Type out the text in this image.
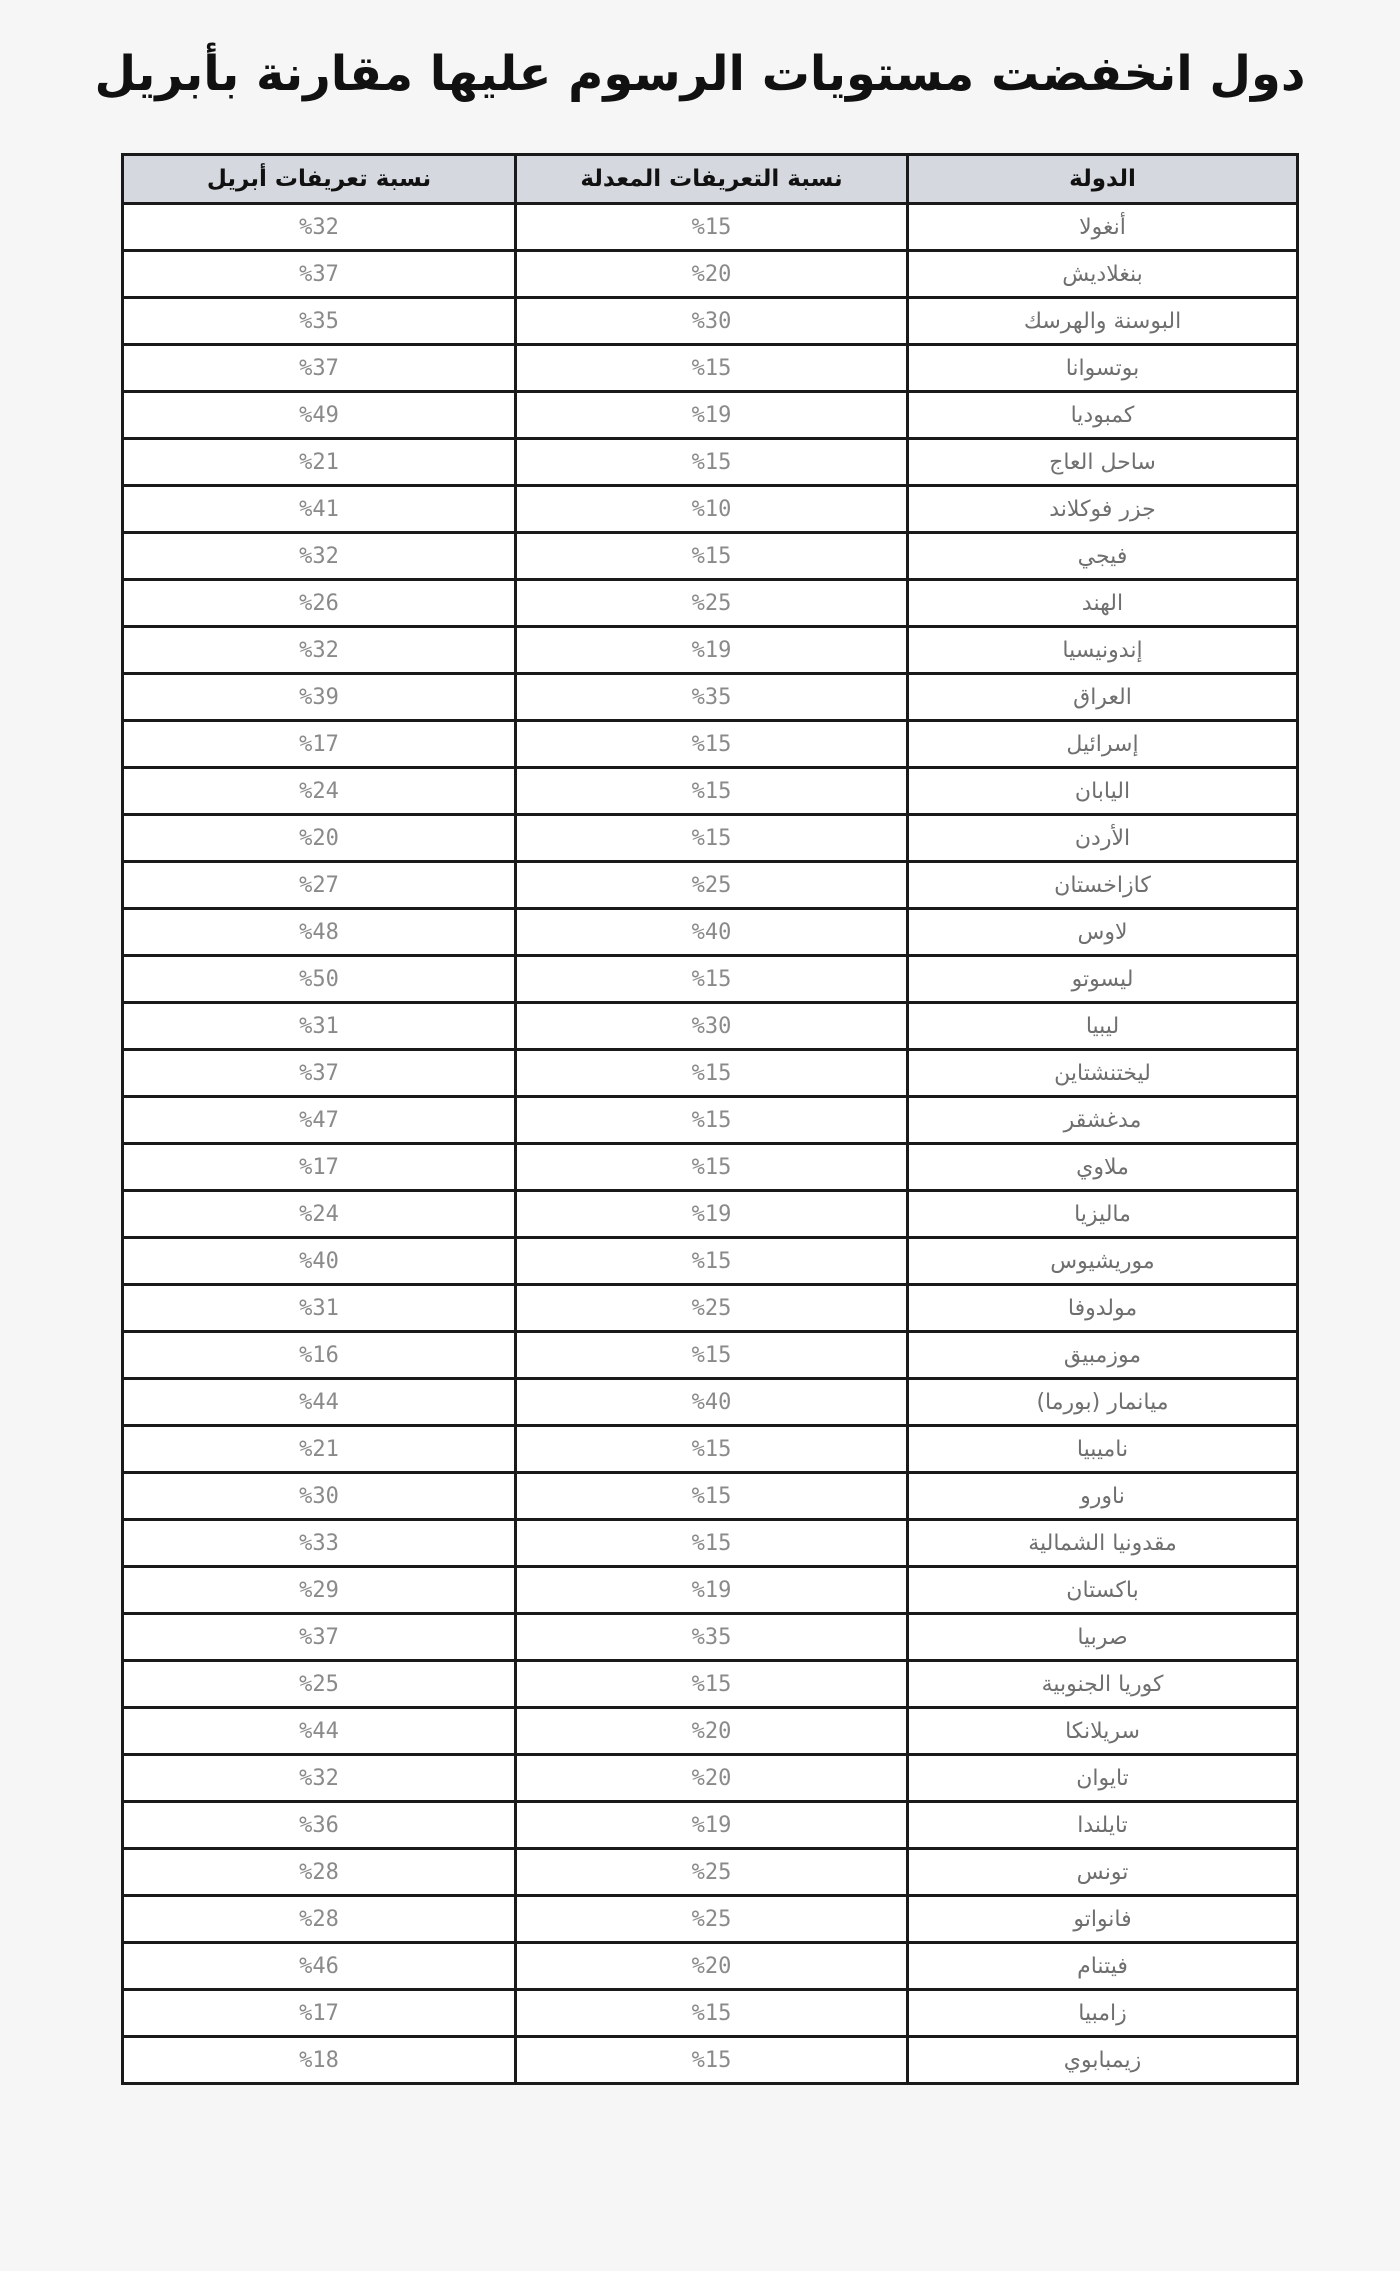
دول انخفضت مستويات الرسوم عليها مقارنة بأبريل
الدولة	نسبة التعريفات المعدلة	نسبة تعريفات أبريل
أنغولا	%15	%32
بنغلاديش	%20	%37
البوسنة والهرسك	%30	%35
بوتسوانا	%15	%37
كمبوديا	%19	%49
ساحل العاج	%15	%21
جزر فوكلاند	%10	%41
فيجي	%15	%32
الهند	%25	%26
إندونيسيا	%19	%32
العراق	%35	%39
إسرائيل	%15	%17
اليابان	%15	%24
الأردن	%15	%20
كازاخستان	%25	%27
لاوس	%40	%48
ليسوتو	%15	%50
ليبيا	%30	%31
ليختنشتاين	%15	%37
مدغشقر	%15	%47
ملاوي	%15	%17
ماليزيا	%19	%24
موريشيوس	%15	%40
مولدوفا	%25	%31
موزمبيق	%15	%16
ميانمار (بورما)	%40	%44
ناميبيا	%15	%21
ناورو	%15	%30
مقدونيا الشمالية	%15	%33
باكستان	%19	%29
صربيا	%35	%37
كوريا الجنوبية	%15	%25
سريلانكا	%20	%44
تايوان	%20	%32
تايلندا	%19	%36
تونس	%25	%28
فانواتو	%25	%28
فيتنام	%20	%46
زامبيا	%15	%17
زيمبابوي	%15	%18
